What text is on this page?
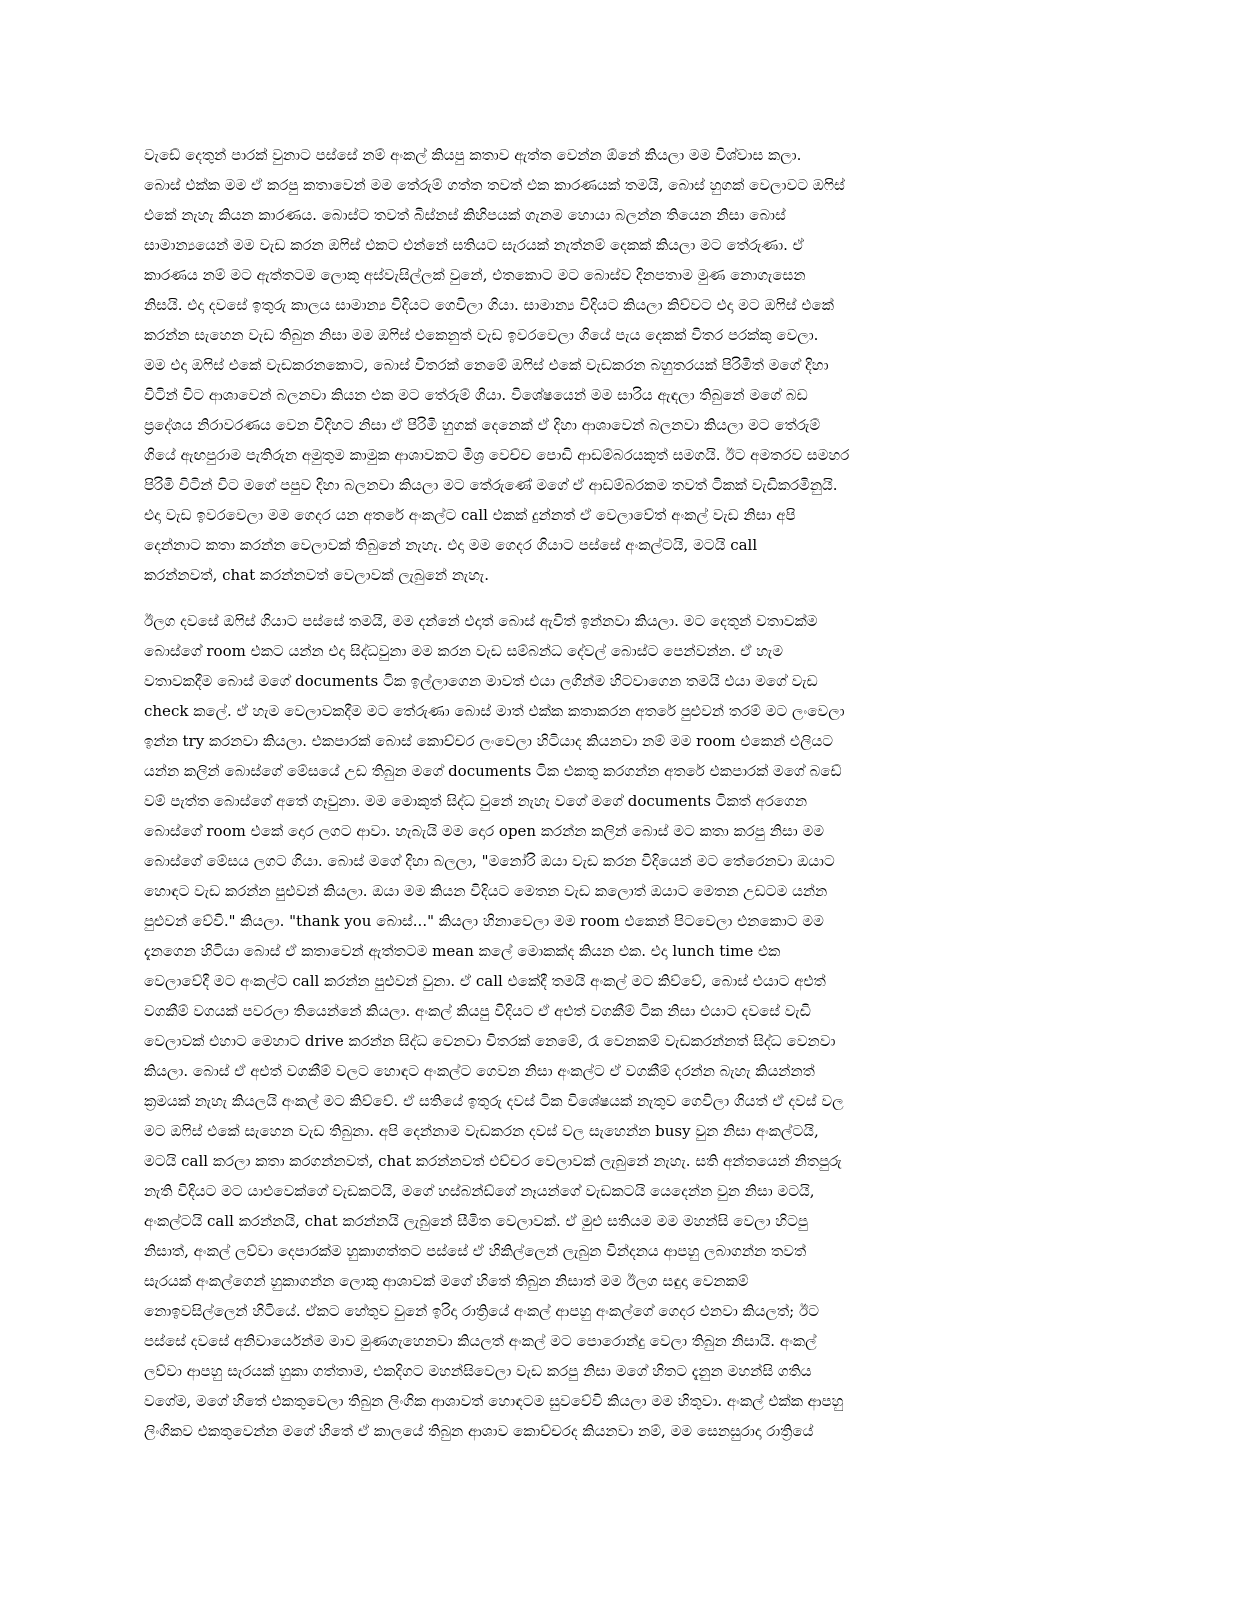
වැඩේ දෙතුන් පාරක් වුනාට පස්සේ නම් අංකල් කියපු කතාව ඇත්ත වෙන්න ඕනේ කියලා මම විශ්වාස කලා.
බොස් එක්ක මම ඒ කරපු කතාවෙන් මම තේරුම් ගත්ත තවත් එක කාරණයක් තමයි, බොස් හුගක් වෙලාවට ඔෆිස්
එකේ නැහැ කියන කාරණය. බොස්ට තවත් බිස්නස් කිහිපයක් ගැනම හොයා බලන්න තියෙන නිසා බොස්
සාමාන්‍යයෙන් මම වැඩ කරන ඔෆිස් එකට එන්නේ සතියට සැරයක් නැත්නම් දෙකක් කියලා මට තේරුණා. ඒ
කාරණය නම් මට ඇත්තටම ලොකු අස්වැසිල්ලක් වුනේ, එතකොට මට බොස්ව දිනපතාම මුණ නොගැසෙන
නිසයි. එදා දවසේ ඉතුරු කාලය සාමාන්‍ය විදියට ගෙවිලා ගියා. සාමාන්‍ය විදියට කියලා කිව්වට එදා මට ඔෆිස් එකේ
කරන්න සැහෙන වැඩ තිබුන නිසා මම ඔෆිස් එකෙනුත් වැඩ ඉවරවෙලා ගියේ පැය දෙකක් විතර පරක්කු වෙලා.
මම එදා ඔෆිස් එකේ වැඩකරනකොට, බොස් විතරක් නෙමේ ඔෆිස් එකේ වැඩකරන බහුතරයක් පිරිමිත් මගේ දිහා
විටින් විට ආශාවෙන් බලනවා කියන එක මට තේරුම් ගියා. විශේෂයෙන් මම සාරිය ඇඳලා තිබුනේ මගේ බඩ
ප්‍රදේශය නිරාවරණය වෙන විදිහට නිසා ඒ පිරිමි හුගක් දෙනෙක් ඒ දිහා ආශාවෙන් බලනවා කියලා මට තේරුම්
ගියේ ඇඟපුරාම පැතිරුන අමුතුම කාමුක ආශාවකට මිශ්‍ර වෙච්ච පොඩි ආඩම්බරයකුත් සමගයි. ඊට අමතරව සමහර
පිරිමි විටින් විට මගේ පපුව දිහා බලනවා කියලා මට තේරුණේ මගේ ඒ ආඩම්බරකම තවත් ටිකක් වැඩිකරමිනුයි.
එදා වැඩ ඉවරවෙලා මම ගෙදර යන අතරේ අංකල්ට call එකක් දුන්නත් ඒ වෙලාවේත් අංකල් වැඩ නිසා අපි
දෙන්නාට කතා කරන්න වෙලාවක් තිබුනේ නැහැ. එදා මම ගෙදර ගියාට පස්සේ අංකල්ටයි, මටයි call
කරන්නවත්, chat කරන්නවත් වෙලාවක් ලැබුනේ නැහැ.
ඊලග දවසේ ඔෆිස් ගියාට පස්සේ තමයි, මම දන්නේ එදාත් බොස් ඇවිත් ඉන්නවා කියලා. මට දෙතුන් වතාවක්ම
බොස්ගේ room එකට යන්න එදා සිද්ධවුනා මම කරන වැඩ සම්බන්ධ දේවල් බොස්ට පෙන්වන්න. ඒ හැම
වතාවකදීම බොස් මගේ documents ටික ඉල්ලාගෙන මාවත් එයා ලගින්ම හිටවාගෙන තමයි එයා මගේ වැඩ
check කලේ. ඒ හැම වෙලාවකදීම මට තේරුණා බොස් මාත් එක්ක කතාකරන අතරේ පුළුවන් තරම් මට ලංවෙලා
ඉන්න try කරනවා කියලා. එකපාරක් බොස් කොච්චර ලංවෙලා හිටියාද කියනවා නම් මම room එකෙන් එලියට
යන්න කලින් බොස්ගේ මේසයේ උඩ තිබුන මගේ documents ටික එකතු කරගන්න අතරේ එකපාරක් මගේ බඩේ
වම් පැත්ත බොස්ගේ අතේ ගෑවුනා. මම මොකුත් සිද්ධ වුනේ නැහැ වගේ මගේ documents ටිකත් අරගෙන
බොස්ගේ room එකේ දොර ලගට ආවා. හැබැයි මම දොර open කරන්න කලින් බොස් මට කතා කරපු නිසා මම
බොස්ගේ මේසය ලගට ගියා. බොස් මගේ දිහා බලලා, "මනෝරි ඔයා වැඩ කරන විදියෙන් මට තේරෙනවා ඔයාට
හොඳට වැඩ කරන්න පුළුවන් කියලා. ඔයා මම කියන විදියට මෙතන වැඩ කලොත් ඔයාට මෙතන උඩටම යන්න
පුළුවන් වේවි." කියලා. "thank you බොස්..." කියලා හිනාවෙලා මම room එකෙන් පිටවෙලා එනකොට මම
දැනගෙන හිටියා බොස් ඒ කතාවෙන් ඇත්තටම mean කලේ මොකක්ද කියන එක. එදා lunch time එක
වෙලාවේදී මට අංකල්ට call කරන්න පුළුවන් වුනා. ඒ call එකේදී තමයි අංකල් මට කිව්වේ, බොස් එයාට අළුත්
වගකීම් වගයක් පවරලා තියෙන්නේ කියලා. අංකල් කියපු විදියට ඒ අළුත් වගකීම් ටික නිසා එයාට දවසේ වැඩි
වෙලාවක් එහාට මෙහාට drive කරන්න සිද්ධ වෙනවා විතරක් නෙමේ, රෑ වෙනකම් වැඩකරන්නත් සිද්ධ වෙනවා
කියලා. බොස් ඒ අළුත් වගකීම් වලට හොඳට අංකල්ට ගෙවන නිසා අංකල්ට ඒ වගකීම් දරන්න බැහැ කියන්නත්
ක්‍රමයක් නැහැ කියලයි අංකල් මට කිව්වේ. ඒ සතියේ ඉතුරු දවස් ටික විශේෂයක් නැතුව ගෙවිලා ගියත් ඒ දවස් වල
මට ඔෆිස් එකේ සැහෙන වැඩ තිබුනා. අපි දෙන්නාම වැඩකරන දවස් වල සැහෙන්න busy වුන නිසා අංකල්ටයි,
මටයි call කරලා කතා කරගන්නවත්, chat කරන්නවත් එච්චර වෙලාවක් ලැබුනේ නැහැ. සති අන්තයෙන් නිතපුරු
නැති විදියට මට යාළුවෙක්ගේ වැඩකටයි, මගේ හස්බන්ඩ්ගේ නෑයන්ගේ වැඩකටයි යෙදෙන්න වුන නිසා මටයි,
අංකල්ටයි call කරන්නයි, chat කරන්නයි ලැබුනේ සීමිත වෙලාවක්. ඒ මුළු සතියම මම මහන්සි වෙලා හිටපු
නිසාත්, අංකල් ලව්වා දෙපාරක්ම හුකාගත්තට පස්සේ ඒ හිකිල්ලෙන් ලැබුන වින්දනය ආපහු ලබාගන්න තවත්
සැරයක් අංකල්ගෙන් හුකාගන්න ලොකු ආශාවක් මගේ හිතේ තිබුන නිසාත් මම ඊලග සඳුදා වෙනකම්
නොඉවසිල්ලෙන් හිටියේ. ඒකට හේතුව වුනේ ඉරිදා රාත්‍රියේ අංකල් ආපහු අංකල්ගේ ගෙදර එනවා කියලත්; ඊට
පස්සේ දවසේ අනිවාර්යෙන්ම මාව මුණගැහෙනවා කියලත් අංකල් මට පොරොන්දු වෙලා තිබුන නිසායි. අංකල්
ලව්වා ආපහු සැරයක් හුකා ගත්තාම, එකදිගට මහන්සිවෙලා වැඩ කරපු නිසා මගේ හිතට දැනුන මහන්සි ගතිය
වගේම, මගේ හිතේ එකතුවෙලා තිබුන ලිංගික ආශාවත් හොඳටම සුවවේවි කියලා මම හිතුවා. අංකල් එක්ක ආපහු
ලිංගිකව එකතුවෙන්න මගේ හිතේ ඒ කාලයේ තිබුන ආශාව කොච්චරද කියනවා නම්, මම සෙනසුරාදා රාත්‍රියේ
